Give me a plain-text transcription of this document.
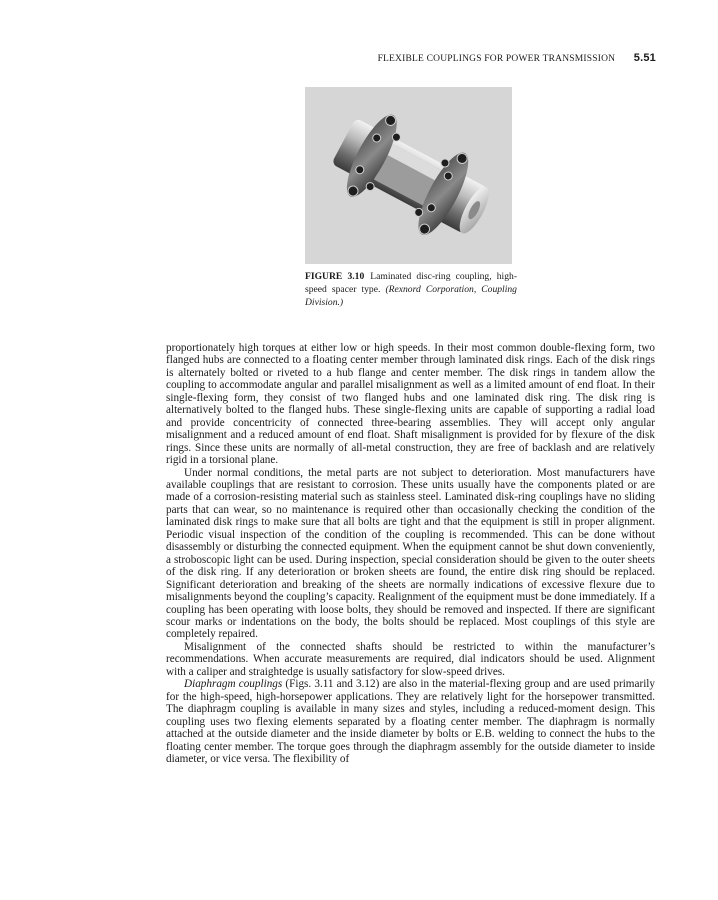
FLEXIBLE COUPLINGS FOR POWER TRANSMISSION 5.51
FIGURE 3.10 Laminated disc-ring coupling, high-speed spacer type. (Rexnord Corporation, Coupling Division.)

proportionately high torques at either low or high speeds. In their most common double-flexing form, two flanged hubs are connected to a floating center member through laminated disk rings. Each of the disk rings is alternately bolted or riveted to a hub flange and center member. The disk rings in tandem allow the coupling to accommodate angular and parallel misalignment as well as a limited amount of end float. In their single-flexing form, they consist of two flanged hubs and one laminated disk ring. The disk ring is alternatively bolted to the flanged hubs. These single-flexing units are capable of supporting a radial load and provide concentricity of connected three-bearing assemblies. They will accept only angular misalignment and a reduced amount of end float. Shaft misalignment is provided for by flexure of the disk rings. Since these units are normally of all-metal construction, they are free of backlash and are relatively rigid in a torsional plane.

Under normal conditions, the metal parts are not subject to deterioration. Most manufacturers have available couplings that are resistant to corrosion. These units usually have the components plated or are made of a corrosion-resisting material such as stainless steel. Laminated disk-ring couplings have no sliding parts that can wear, so no maintenance is required other than occasionally checking the condition of the laminated disk rings to make sure that all bolts are tight and that the equipment is still in proper alignment. Periodic visual inspection of the condition of the coupling is recommended. This can be done without disassembly or disturbing the connected equipment. When the equipment cannot be shut down conveniently, a stroboscopic light can be used. During inspection, special consideration should be given to the outer sheets of the disk ring. If any deterioration or broken sheets are found, the entire disk ring should be replaced. Significant deterioration and breaking of the sheets are normally indications of excessive flexure due to misalignments beyond the coupling’s capacity. Realignment of the equipment must be done immediately. If a coupling has been operating with loose bolts, they should be removed and inspected. If there are significant scour marks or indentations on the body, the bolts should be replaced. Most couplings of this style are completely repaired.

Misalignment of the connected shafts should be restricted to within the manufacturer’s recommendations. When accurate measurements are required, dial indicators should be used. Alignment with a caliper and straightedge is usually satisfactory for slow-speed drives.

Diaphragm couplings (Figs. 3.11 and 3.12) are also in the material-flexing group and are used primarily for the high-speed, high-horsepower applications. They are relatively light for the horsepower transmitted. The diaphragm coupling is available in many sizes and styles, including a reduced-moment design. This coupling uses two flexing elements separated by a floating center member. The diaphragm is normally attached at the outside diameter and the inside diameter by bolts or E.B. welding to connect the hubs to the floating center member. The torque goes through the diaphragm assembly for the outside diameter to inside diameter, or vice versa. The flexibility of
